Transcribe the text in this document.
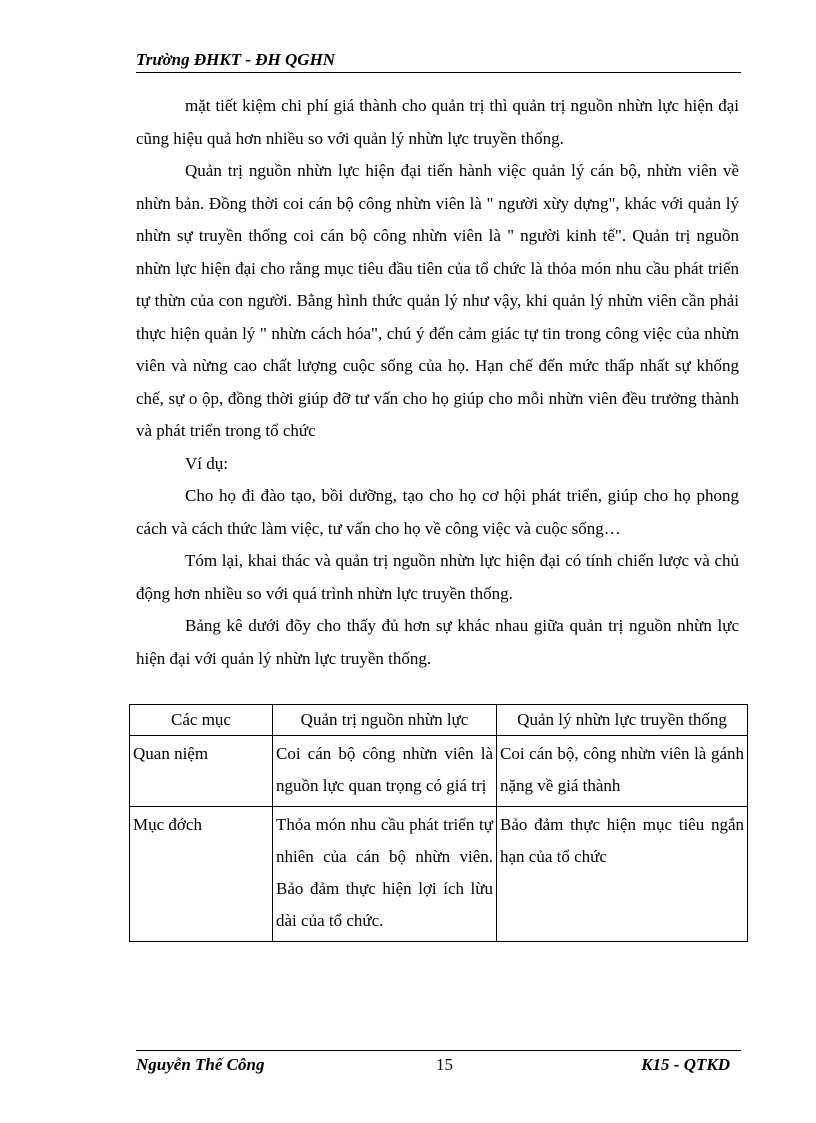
Trường ĐHKT - ĐH QGHN

mặt tiết kiệm chi phí giá thành cho quản trị thì quản trị nguồn nhừn lực hiện đại cũng hiệu quả hơn nhiều so với quản lý nhừn lực truyền thống.

Quản trị nguồn nhừn lực hiện đại tiến hành việc quản lý cán bộ, nhừn viên về nhừn bản. Đồng thời coi cán bộ công nhừn viên là " người xừy dựng", khác với quản lý nhừn sự truyền thống coi cán bộ công nhừn viên là " người kinh tế". Quản trị nguồn nhừn lực hiện đại cho rằng mục tiêu đầu tiên của tổ chức là thỏa món nhu cầu phát triển tự thừn của con người. Bằng hình thức quản lý như vậy, khi quản lý nhừn viên cần phải thực hiện quản lý " nhừn cách hóa", chú ý đến cảm giác tự tin trong công việc của nhừn viên và nừng cao chất lượng cuộc sống của họ. Hạn chế đến mức thấp nhất sự khống chế, sự o ộp, đồng thời giúp đỡ tư vấn cho họ giúp cho mỗi nhừn viên đều trưởng thành và phát triển trong tổ chức

Ví dụ:

Cho họ đi đào tạo, bồi dưỡng, tạo cho họ cơ hội phát triển, giúp cho họ phong cách và cách thức làm việc, tư vấn cho họ về công việc và cuộc sống…

Tóm lại, khai thác và quản trị nguồn nhừn lực hiện đại có tính chiến lược và chủ động hơn nhiều so với quá trình nhừn lực truyền thống.

Bảng kê dưới đõy cho thấy đủ hơn sự khác nhau giữa quản trị nguồn nhừn lực hiện đại với quản lý nhừn lực truyền thống.

Các mục	Quản trị nguồn nhừn lực	Quản lý nhừn lực truyền thống
Quan niệm	Coi cán bộ công nhừn viên là nguồn lực quan trọng có giá trị	Coi cán bộ, công nhừn viên là gánh nặng về giá thành
Mục đớch	Thỏa món nhu cầu phát triển tự nhiên của cán bộ nhừn viên. Bảo đảm thực hiện lợi ích lừu dài của tổ chức.	Bảo đảm thực hiện mục tiêu ngắn hạn của tổ chức
Nguyễn Thế Công	15	K15 - QTKD
